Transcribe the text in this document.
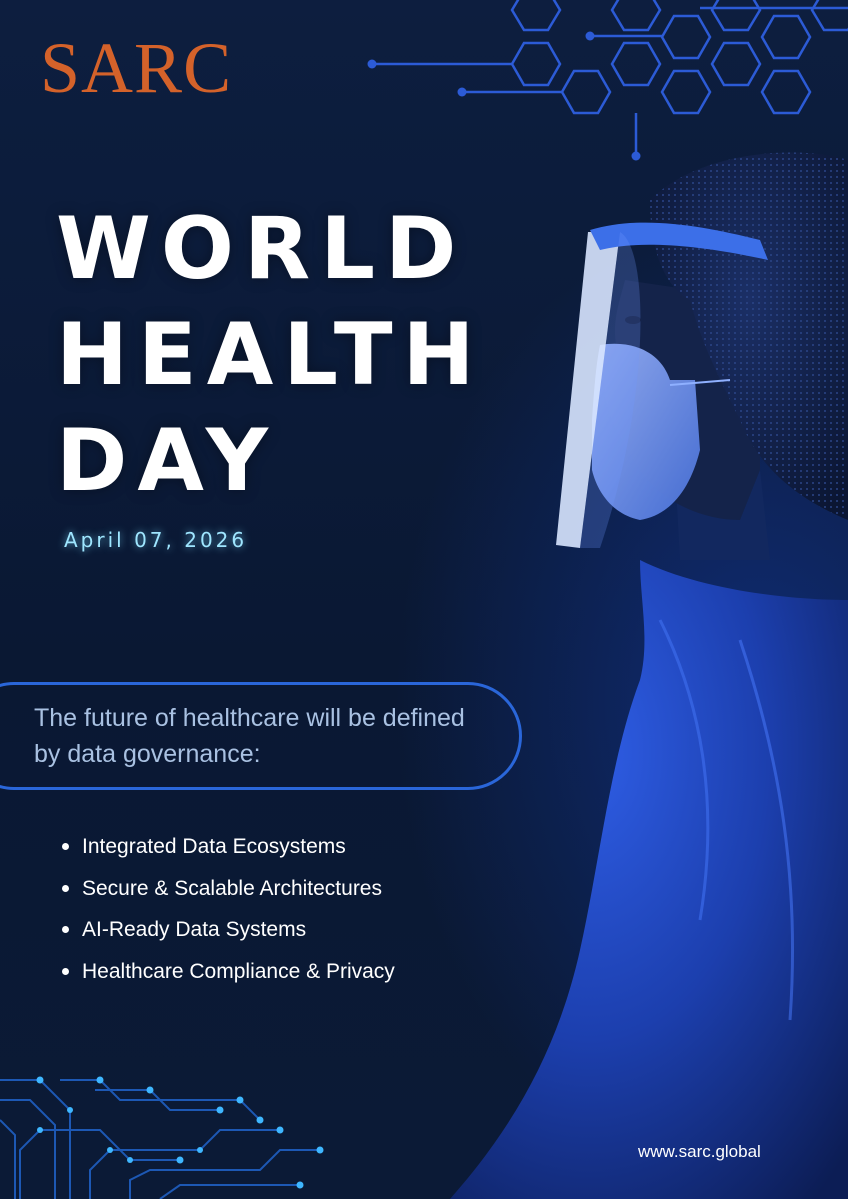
SARC
WORLD
HEALTH
DAY
April 07, 2026
The future of healthcare will be defined by data governance:
Integrated Data Ecosystems
Secure & Scalable Architectures
AI-Ready Data Systems
Healthcare Compliance & Privacy
www.sarc.global
